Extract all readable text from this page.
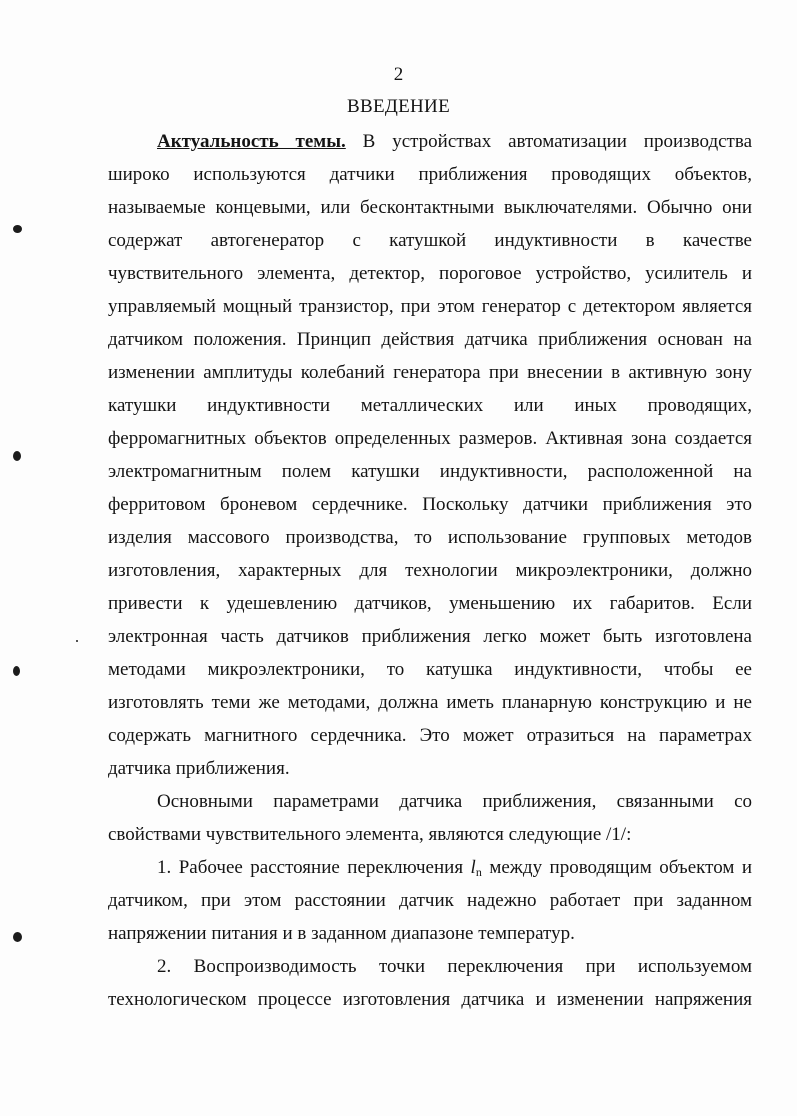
2
ВВЕДЕНИЕ
Актуальность темы. В устройствах автоматизации производства
широко используются датчики приближения проводящих объектов,
называемые концевыми, или бесконтактными выключателями. Обычно они
содержат автогенератор с катушкой индуктивности в качестве
чувствительного элемента, детектор, пороговое устройство, усилитель и
управляемый мощный транзистор, при этом генератор с детектором является
датчиком положения. Принцип действия датчика приближения основан на
изменении амплитуды колебаний генератора при внесении в активную зону
катушки индуктивности металлических или иных проводящих,
ферромагнитных объектов определенных размеров. Активная зона создается
электромагнитным полем катушки индуктивности, расположенной на
ферритовом броневом сердечнике. Поскольку датчики приближения это
изделия массового производства, то использование групповых методов
изготовления, характерных для технологии микроэлектроники, должно
привести к удешевлению датчиков, уменьшению их габаритов. Если
электронная часть датчиков приближения легко может быть изготовлена
методами микроэлектроники, то катушка индуктивности, чтобы ее
изготовлять теми же методами, должна иметь планарную конструкцию и не
содержать магнитного сердечника. Это может отразиться на параметрах
датчика приближения.
Основными параметрами датчика приближения, связанными со
свойствами чувствительного элемента, являются следующие /1/:
1. Рабочее расстояние переключения $l_n$ между проводящим объектом и
датчиком, при этом расстоянии датчик надежно работает при заданном
напряжении питания и в заданном диапазоне температур.
2. Воспроизводимость точки переключения при используемом
технологическом процессе изготовления датчика и изменении напряжения
